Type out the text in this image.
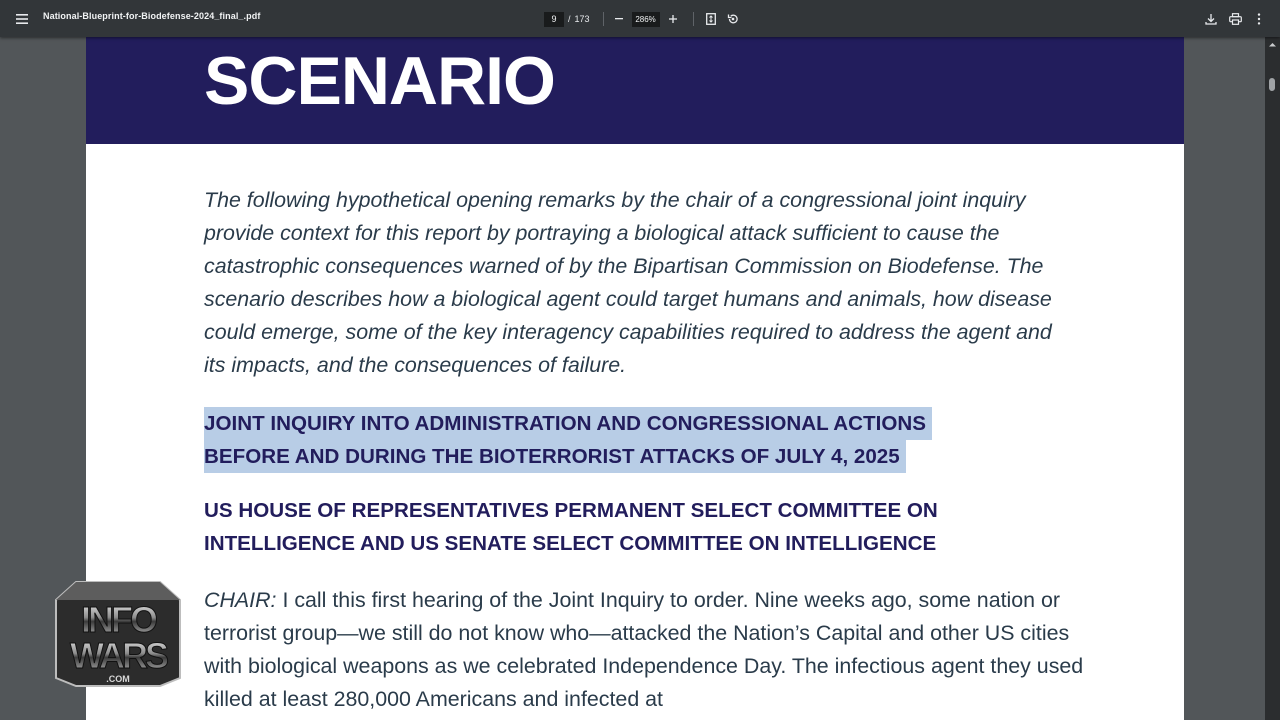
National-Blueprint-for-Biodefense-2024_final_.pdf
9	/ 173
286%
SCENARIO

The following hypothetical opening remarks by the chair of a congressional joint inquiry provide context for this report by portraying a biological attack sufficient to cause the catastrophic consequences warned of by the Bipartisan Commission on Biodefense. The scenario describes how a biological agent could target humans and animals, how disease could emerge, some of the key interagency capabilities required to address the agent and its impacts, and the consequences of failure.

JOINT INQUIRY INTO ADMINISTRATION AND CONGRESSIONAL ACTIONS
BEFORE AND DURING THE BIOTERRORIST ATTACKS OF JULY 4, 2025

US HOUSE OF REPRESENTATIVES PERMANENT SELECT COMMITTEE ON INTELLIGENCE AND US SENATE SELECT COMMITTEE ON INTELLIGENCE

CHAIR: I call this first hearing of the Joint Inquiry to order. Nine weeks ago, some nation or terrorist group—we still do not know who—attacked the Nation’s Capital and other US cities with biological weapons as we celebrated Independence Day. The infectious agent they used killed at least 280,000 Americans and infected at

INFO
WARS
.COM
